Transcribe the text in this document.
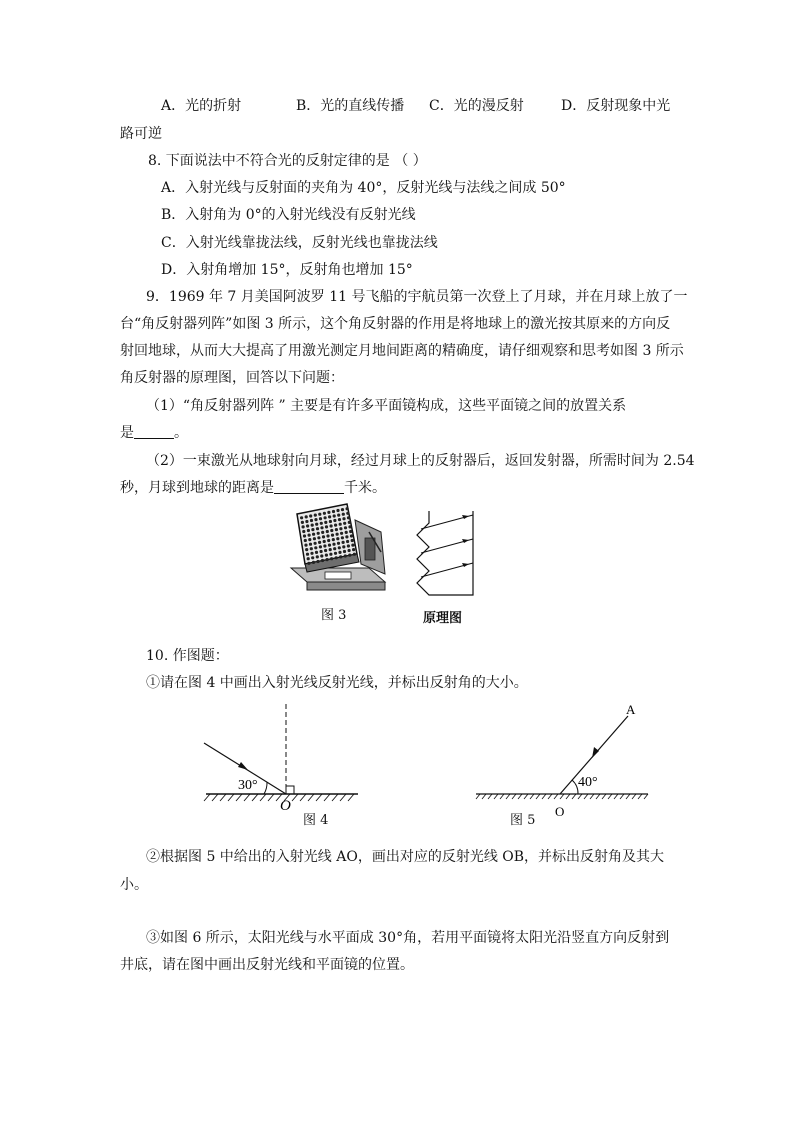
A．光的折射	B．光的直线传播 C．光的漫反射	D．反射现象中光
路可逆
8. 下面说法中不符合光的反射定律的是 （ ）
A．入射光线与反射面的夹角为 40°，反射光线与法线之间成 50°
B．入射角为 0°的入射光线没有反射光线
C．入射光线靠拢法线，反射光线也靠拢法线
D．入射角增加 15°，反射角也增加 15°
9．1969 年 7 月美国阿波罗 11 号飞船的宇航员第一次登上了月球，并在月球上放了一
台“角反射器列阵”如图 3 所示，这个角反射器的作用是将地球上的激光按其原来的方向反
射回地球，从而大大提高了用激光测定月地间距离的精确度，请仔细观察和思考如图 3 所示
角反射器的原理图，回答以下问题：
（1）“角反射器列阵 ” 主要是有许多平面镜构成，这些平面镜之间的放置关系
是	。
（2）一束激光从地球射向月球，经过月球上的反射器后，返回发射器，所需时间为 2.54
秒，月球到地球的距离是	千米。
图 3	原理图
10. 作图题：
①请在图 4 中画出入射光线反射光线，并标出反射角的大小。
30°
O
图 4
A
40°
O
图 5
②根据图 5 中给出的入射光线 AO，画出对应的反射光线 OB，并标出反射角及其大
小。
③如图 6 所示，太阳光线与水平面成 30°角，若用平面镜将太阳光沿竖直方向反射到
井底，请在图中画出反射光线和平面镜的位置。
